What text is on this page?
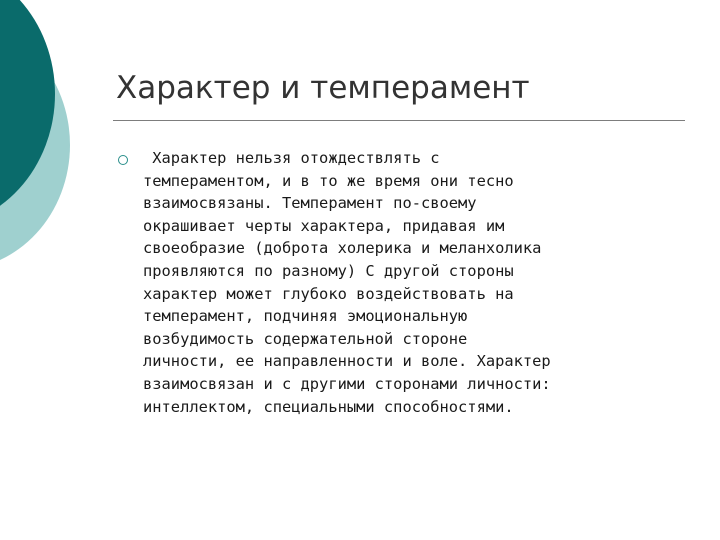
Характер и темперамент

Характер нельзя отождествлять с
темпераментом, и в то же время они тесно
взаимосвязаны. Темперамент по-своему
окрашивает черты характера, придавая им
своеобразие (доброта холерика и меланхолика
проявляются по разному) С другой стороны
характер может глубоко воздействовать на
темперамент, подчиняя эмоциональную
возбудимость содержательной стороне
личности, ее направленности и воле. Характер
взаимосвязан и с другими сторонами личности:
интеллектом, специальными способностями.
